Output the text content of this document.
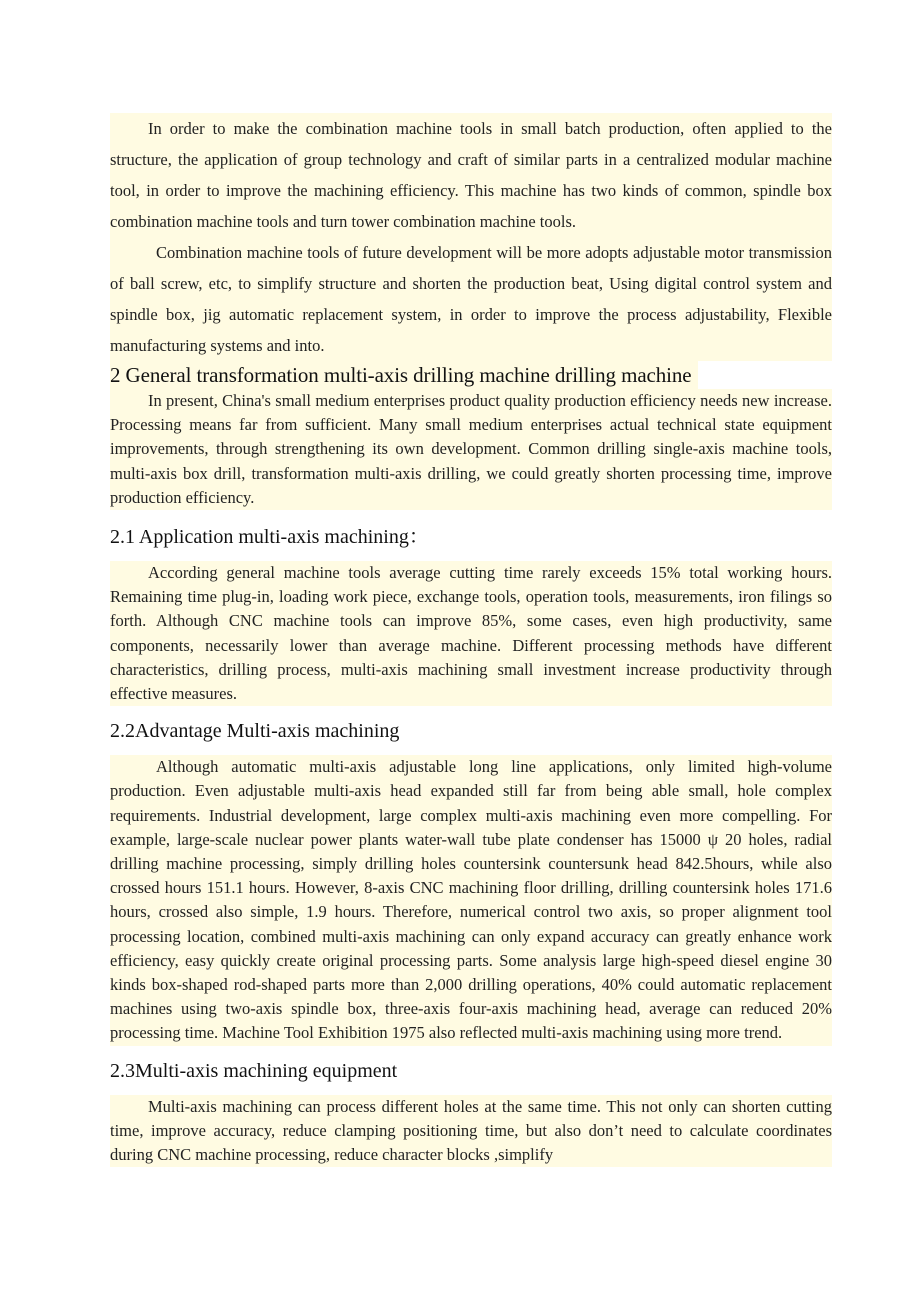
In order to make the combination machine tools in small batch production, often applied to the structure, the application of group technology and craft of similar parts in a centralized modular machine tool, in order to improve the machining efficiency. This machine has two kinds of common, spindle box combination machine tools and turn tower combination machine tools.

Combination machine tools of future development will be more adopts adjustable motor transmission of ball screw, etc, to simplify structure and shorten the production beat, Using digital control system and spindle box, jig automatic replacement system, in order to improve the process adjustability, Flexible manufacturing systems and into.

2 General transformation multi-axis drilling machine drilling machine

In present, China's small medium enterprises product quality production efficiency needs new increase. Processing means far from sufficient. Many small medium enterprises actual technical state equipment improvements, through strengthening its own development. Common drilling single-axis machine tools, multi-axis box drill, transformation multi-axis drilling, we could greatly shorten processing time, improve production efficiency.

2.1 Application multi-axis machining：

According general machine tools average cutting time rarely exceeds 15% total working hours. Remaining time plug-in, loading work piece, exchange tools, operation tools, measurements, iron filings so forth. Although CNC machine tools can improve 85%, some cases, even high productivity, same components, necessarily lower than average machine. Different processing methods have different characteristics, drilling process, multi-axis machining small investment increase productivity through effective measures.

2.2Advantage Multi-axis machining

Although automatic multi-axis adjustable long line applications, only limited high-volume production. Even adjustable multi-axis head expanded still far from being able small, hole complex requirements. Industrial development, large complex multi-axis machining even more compelling. For example, large-scale nuclear power plants water-wall tube plate condenser has 15000 ψ 20 holes, radial drilling machine processing, simply drilling holes countersink countersunk head 842.5hours, while also crossed hours 151.1 hours. However, 8-axis CNC machining floor drilling, drilling countersink holes 171.6 hours, crossed also simple, 1.9 hours. Therefore, numerical control two axis, so proper alignment tool processing location, combined multi-axis machining can only expand accuracy can greatly enhance work efficiency, easy quickly create original processing parts. Some analysis large high-speed diesel engine 30 kinds box-shaped rod-shaped parts more than 2,000 drilling operations, 40% could automatic replacement machines using two-axis spindle box, three-axis four-axis machining head, average can reduced 20% processing time. Machine Tool Exhibition 1975 also reflected multi-axis machining using more trend.

2.3Multi-axis machining equipment

Multi-axis machining can process different holes at the same time. This not only can shorten cutting time, improve accuracy, reduce clamping positioning time, but also don’t need to calculate coordinates during CNC machine processing, reduce character blocks ,simplify
